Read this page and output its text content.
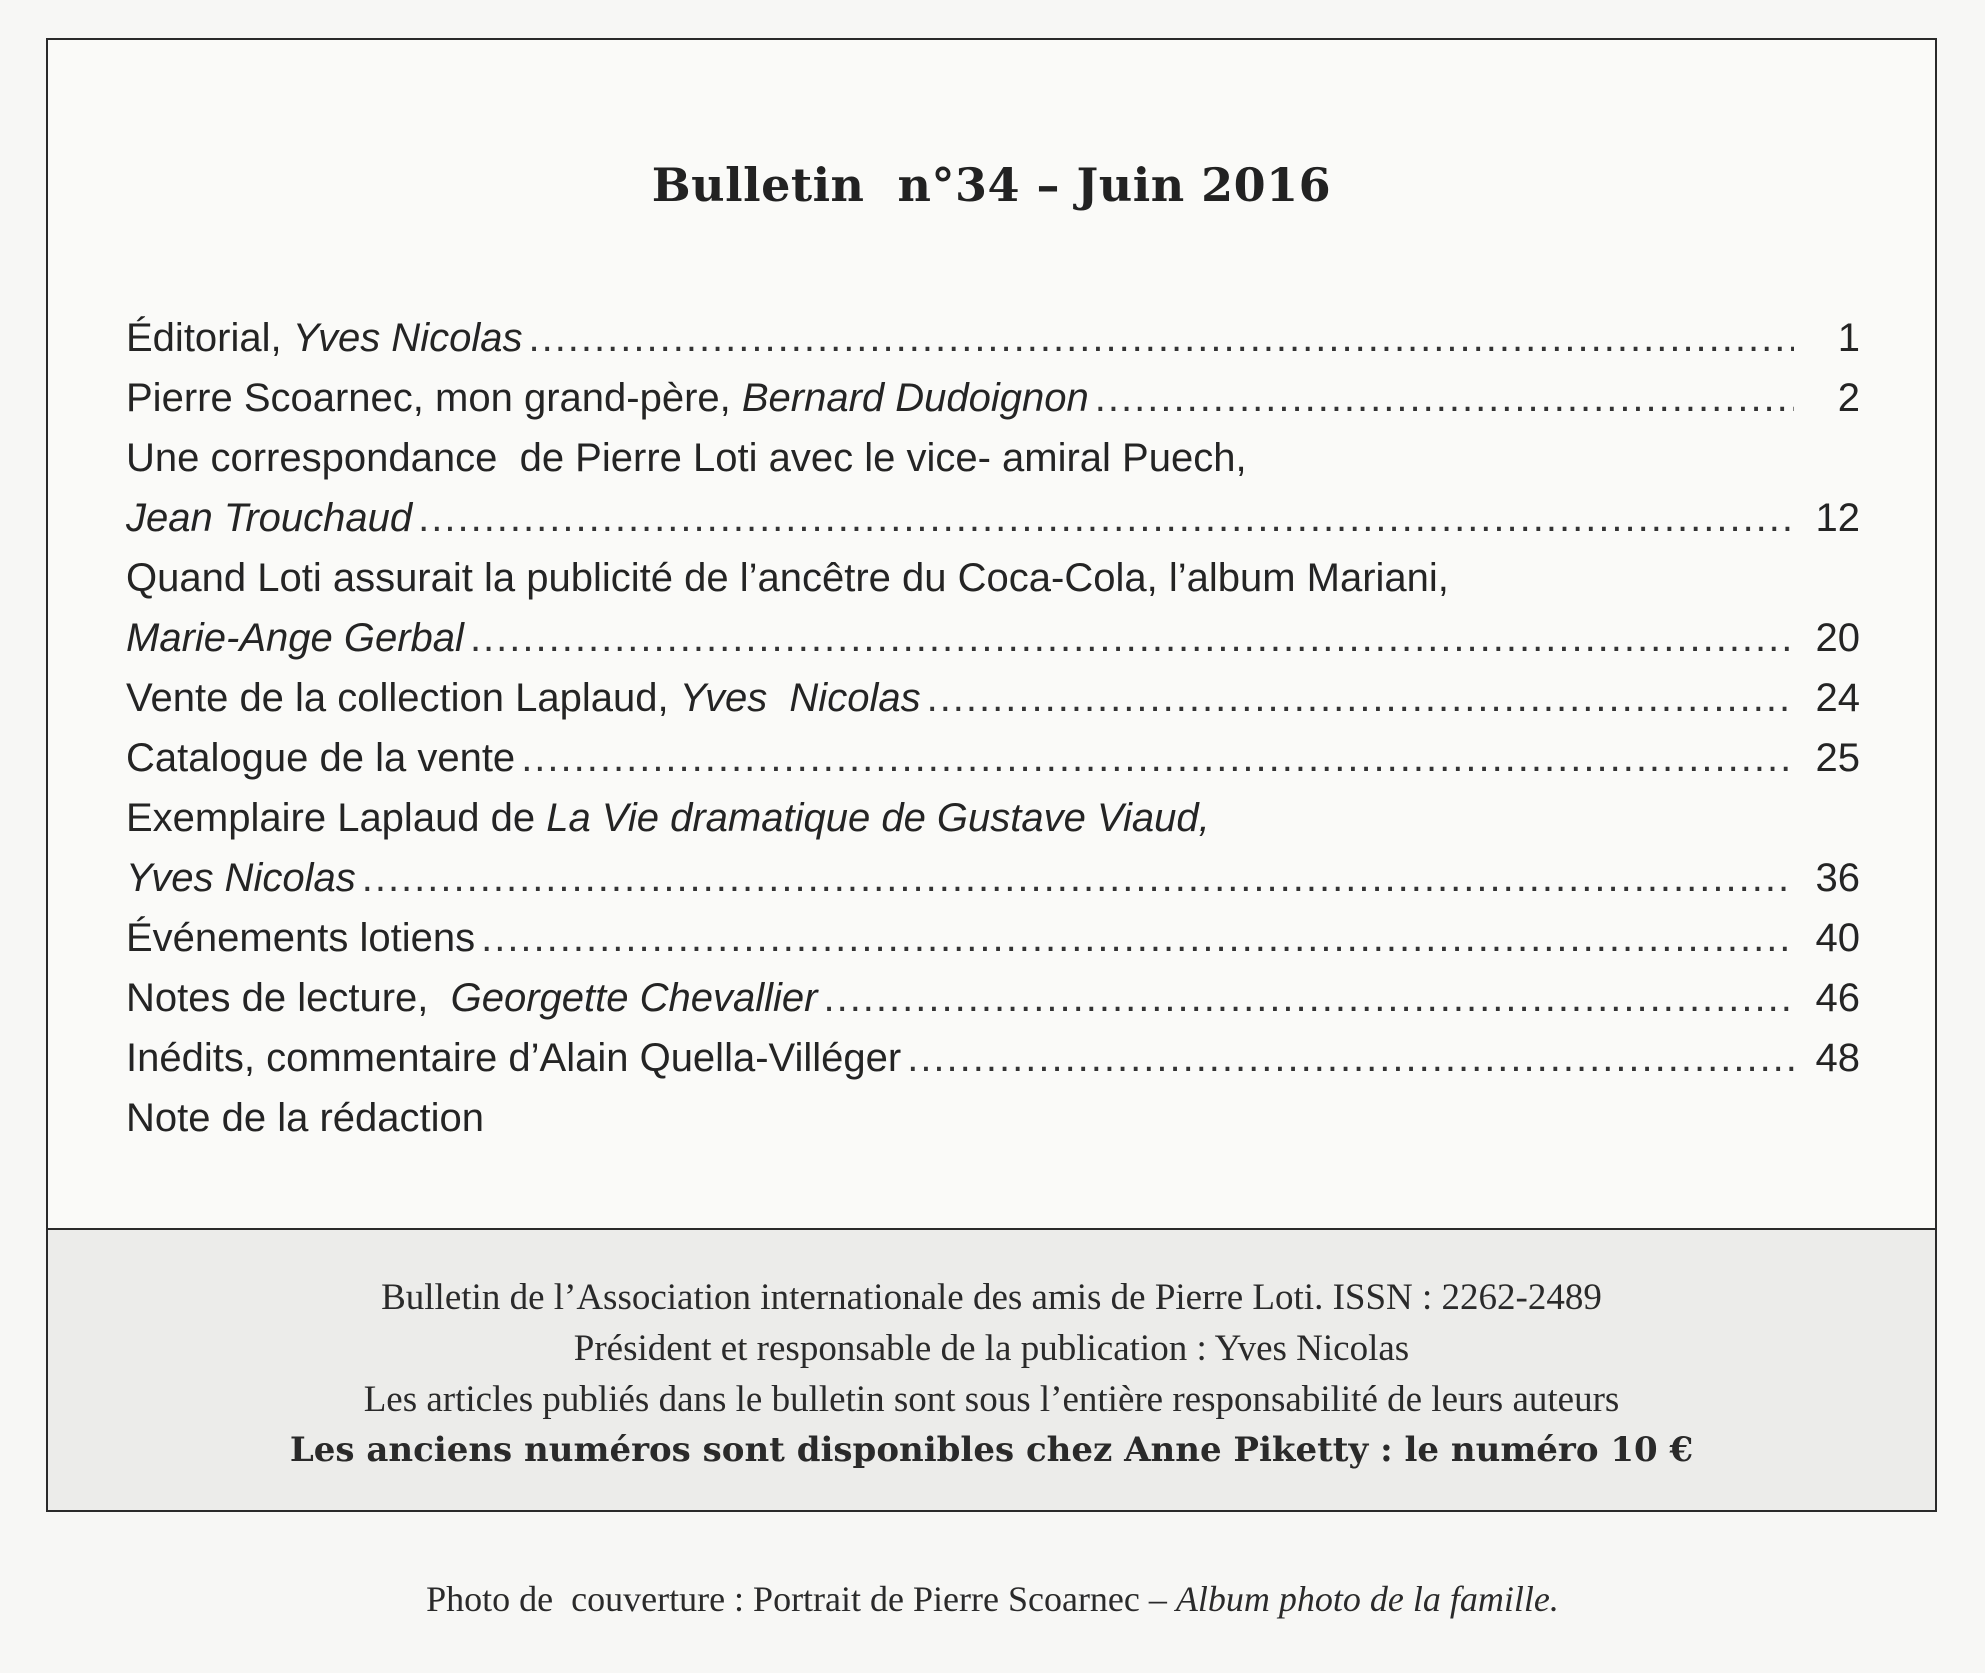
Bulletin  n°34 – Juin 2016
Éditorial, Yves Nicolas .....	1
Pierre Scoarnec, mon grand-père, Bernard Dudoignon .....	2
Une correspondance  de Pierre Loti avec le vice- amiral Puech,
Jean Trouchaud .....	12
Quand Loti assurait la publicité de l’ancêtre du Coca-Cola, l’album Mariani,
Marie-Ange Gerbal .....	20
Vente de la collection Laplaud, Yves  Nicolas .....	24
Catalogue de la vente .....	25
Exemplaire Laplaud de La Vie dramatique de Gustave Viaud,
Yves Nicolas .....	36
Événements lotiens .....	40
Notes de lecture,  Georgette Chevallier .....	46
Inédits, commentaire d’Alain Quella-Villéger .....	48
Note de la rédaction
Bulletin de l’Association internationale des amis de Pierre Loti. ISSN : 2262-2489
Président et responsable de la publication : Yves Nicolas
Les articles publiés dans le bulletin sont sous l’entière responsabilité de leurs auteurs
Les anciens numéros sont disponibles chez Anne Piketty : le numéro 10 €
Photo de  couverture : Portrait de Pierre Scoarnec – Album photo de la famille.
